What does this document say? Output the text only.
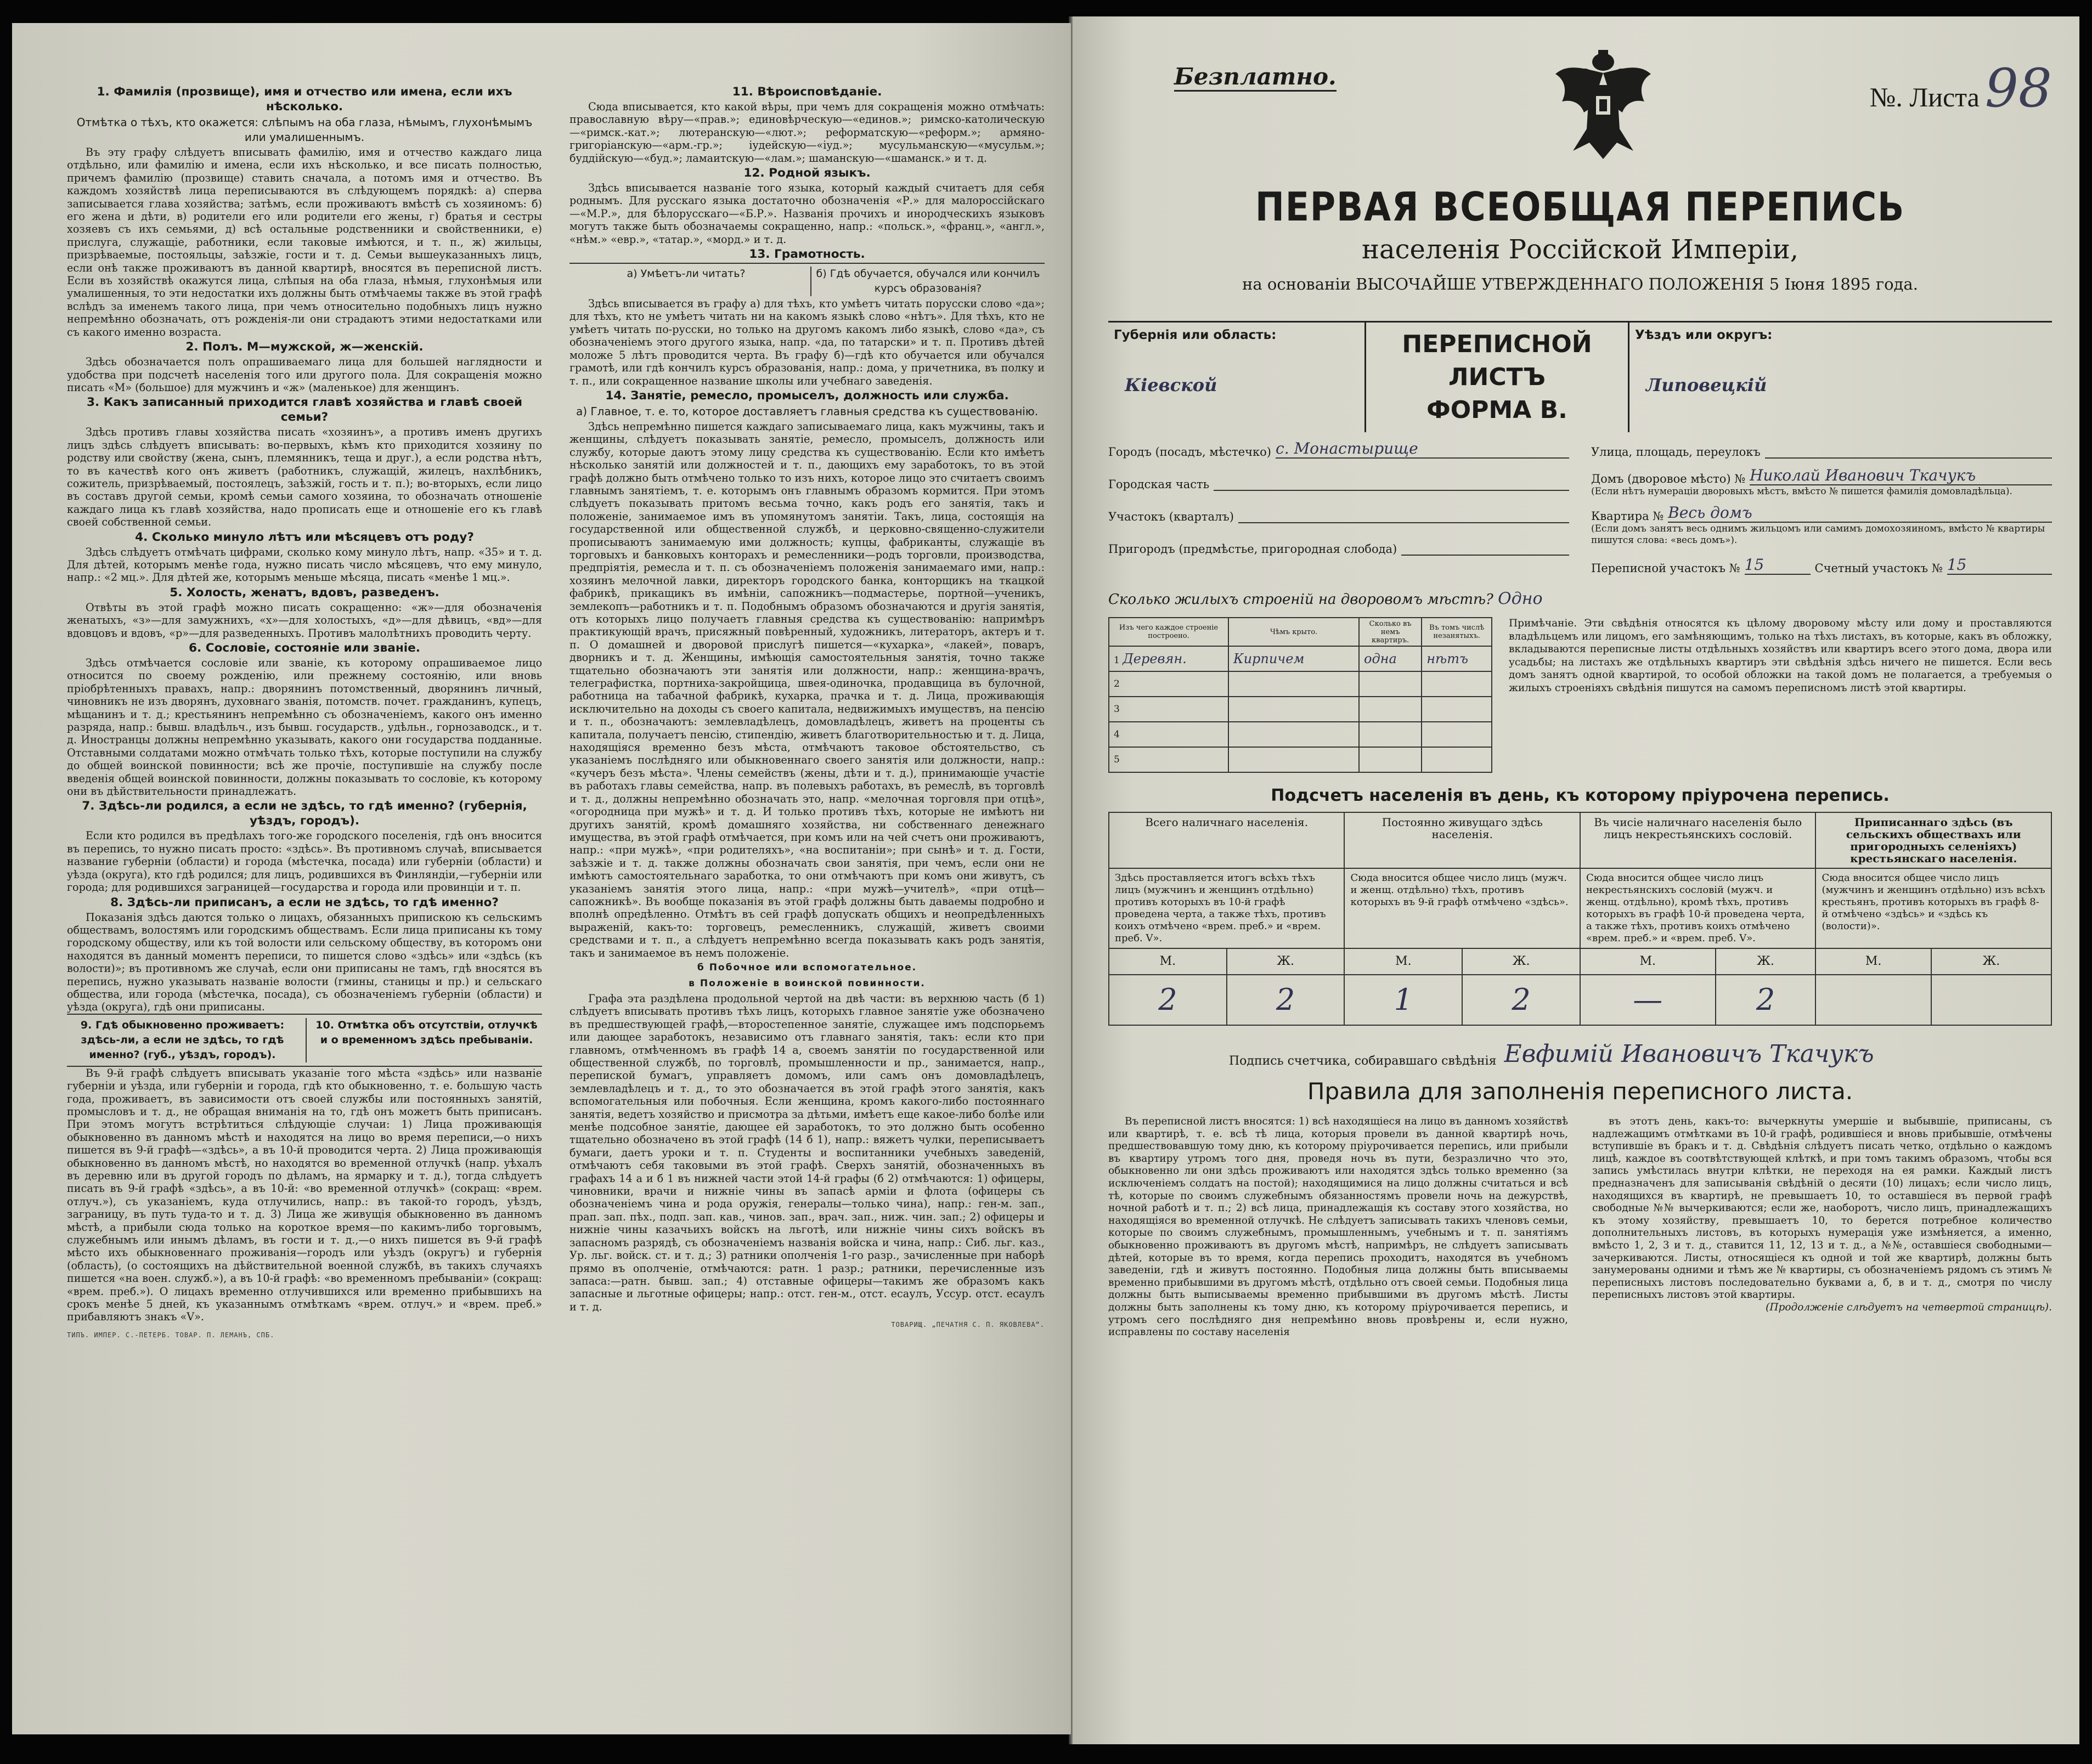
1. Фамилія (прозвище), имя и отчество или имена, если ихъ нѣсколько.
Отмѣтка о тѣхъ, кто окажется: слѣпымъ на оба глаза, нѣмымъ, глухонѣмымъ или умалишеннымъ.

Въ эту графу слѣдуетъ вписывать фамилію, имя и отчество каждаго лица отдѣльно, или фамилію и имена, если ихъ нѣсколько, и все писать полностью, причемъ фамилію (прозвище) ставить сначала, а потомъ имя и отчество. Въ каждомъ хозяйствѣ лица переписываются въ слѣдующемъ порядкѣ: а) сперва записывается глава хозяйства; затѣмъ, если проживаютъ вмѣстѣ съ хозяиномъ: б) его жена и дѣти, в) родители его или родители его жены, г) братья и сестры хозяевъ съ ихъ семьями, д) всѣ остальные родственники и свойственники, е) прислуга, служащіе, работники, если таковые имѣются, и т. п., ж) жильцы, призрѣваемые, постояльцы, заѣзжіе, гости и т. д. Семьи вышеуказанныхъ лицъ, если онѣ также проживаютъ въ данной квартирѣ, вносятся въ переписной листъ. Если въ хозяйствѣ окажутся лица, слѣпыя на оба глаза, нѣмыя, глухонѣмыя или умалишенныя, то эти недостатки ихъ должны быть отмѣчаемы также въ этой графѣ вслѣдъ за именемъ такого лица, при чемъ относительно подобныхъ лицъ нужно непремѣнно обозначать, отъ рожденія-ли они страдаютъ этими недостатками или съ какого именно возраста.

2. Полъ. М—мужской, ж—женскій.

Здѣсь обозначается полъ опрашиваемаго лица для большей наглядности и удобства при подсчетѣ населенія того или другого пола. Для сокращенія можно писать «М» (большое) для мужчинъ и «ж» (маленькое) для женщинъ.

3. Какъ записанный приходится главѣ хозяйства и главѣ своей семьи?

Здѣсь противъ главы хозяйства писать «хозяинъ», а противъ именъ другихъ лицъ здѣсь слѣдуетъ вписывать: во-первыхъ, кѣмъ кто приходится хозяину по родству или свойству (жена, сынъ, племянникъ, теща и друг.), а если родства нѣтъ, то въ качествѣ кого онъ живетъ (работникъ, служащій, жилецъ, нахлѣбникъ, сожитель, призрѣваемый, постоялецъ, заѣзжій, гость и т. п.); во-вторыхъ, если лицо въ составъ другой семьи, кромѣ семьи самого хозяина, то обозначать отношеніе каждаго лица къ главѣ хозяйства, надо прописать еще и отношеніе его къ главѣ своей собственной семьи.

4. Сколько минуло лѣтъ или мѣсяцевъ отъ роду?

Здѣсь слѣдуетъ отмѣчать цифрами, сколько кому минуло лѣтъ, напр. «35» и т. д. Для дѣтей, которымъ менѣе года, нужно писать число мѣсяцевъ, что ему минуло, напр.: «2 мц.». Для дѣтей же, которымъ меньше мѣсяца, писать «менѣе 1 мц.».

5. Холость, женатъ, вдовъ, разведенъ.

Отвѣты въ этой графѣ можно писать сокращенно: «ж»—для обозначенія женатыхъ, «з»—для замужнихъ, «х»—для холостыхъ, «д»—для дѣвицъ, «вд»—для вдовцовъ и вдовъ, «р»—для разведенныхъ. Противъ малолѣтнихъ проводить черту.

6. Сословіе, состояніе или званіе.

Здѣсь отмѣчается сословіе или званіе, къ которому опрашиваемое лицо относится по своему рожденію, или прежнему состоянію, или вновь пріобрѣтенныхъ правахъ, напр.: дворянинъ потомственный, дворянинъ личный, чиновникъ не изъ дворянъ, духовнаго званія, потомств. почет. гражданинъ, купецъ, мѣщанинъ и т. д.; крестьянинъ непремѣнно съ обозначеніемъ, какого онъ именно разряда, напр.: бывш. владѣльч., изъ бывш. государств., удѣльн., горнозаводск., и т. д. Иностранцы должны непремѣнно указывать, какого они государства подданные. Отставными солдатами можно отмѣчать только тѣхъ, которые поступили на службу до общей воинской повинности; всѣ же прочіе, поступившіе на службу после введенія общей воинской повинности, должны показывать то сословіе, къ которому они въ дѣйствительности принадлежатъ.

7. Здѣсь-ли родился, а если не здѣсь, то гдѣ именно? (губернія, уѣздъ, городъ).

Если кто родился въ предѣлахъ того-же городского поселенія, гдѣ онъ вносится въ перепись, то нужно писать просто: «здѣсь». Въ противномъ случаѣ, вписывается название губерніи (области) и города (мѣстечка, посада) или губерніи (области) и уѣзда (округа), кто гдѣ родился; для лицъ, родившихся въ Финляндіи,—губерніи или города; для родившихся заграницей—государства и города или провинціи и т. п.

8. Здѣсь-ли приписанъ, а если не здѣсь, то гдѣ именно?

Показанія здѣсь даются только о лицахъ, обязанныхъ припискою къ сельскимъ обществамъ, волостямъ или городскимъ обществамъ. Если лица приписаны къ тому городскому обществу, или къ той волости или сельскому обществу, въ которомъ они находятся въ данный моментъ переписи, то пишется слово «здѣсь» или «здѣсь (къ волости)»; въ противномъ же случаѣ, если они приписаны не тамъ, гдѣ вносятся въ перепись, нужно указывать названіе волости (гмины, станицы и пр.) и сельскаго общества, или города (мѣстечка, посада), съ обозначеніемъ губерніи (области) и уѣзда (округа), гдѣ они приписаны.

9. Гдѣ обыкновенно проживаетъ: здѣсь-ли, а если не здѣсь, то гдѣ именно? (губ., уѣздъ, городъ).
10. Отмѣтка объ отсутствіи, отлучкѣ и о временномъ здѣсь пребываніи.

Въ 9-й графѣ слѣдуетъ вписывать указаніе того мѣста «здѣсь» или названіе губерніи и уѣзда, или губерніи и города, гдѣ кто обыкновенно, т. е. большую часть года, проживаетъ, въ зависимости отъ своей службы или постоянныхъ занятій, промысловъ и т. д., не обращая вниманія на то, гдѣ онъ можетъ быть приписанъ. При этомъ могутъ встрѣтиться слѣдующіе случаи: 1) Лица проживающія обыкновенно въ данномъ мѣстѣ и находятся на лицо во время переписи,—о нихъ пишется въ 9-й графѣ—«здѣсь», а въ 10-й проводится черта. 2) Лица проживающія обыкновенно въ данномъ мѣстѣ, но находятся во временной отлучкѣ (напр. уѣхалъ въ деревню или въ другой городъ по дѣламъ, на ярмарку и т. д.), тогда слѣдуетъ писать въ 9-й графѣ «здѣсь», а въ 10-й: «во временной отлучкѣ» (сокращ: «врем. отлуч.»), съ указаніемъ, куда отлучились, напр.: въ такой-то городъ, уѣздъ, заграницу, въ путь туда-то и т. д. 3) Лица же живущія обыкновенно въ данномъ мѣстѣ, а прибыли сюда только на короткое время—по какимъ-либо торговымъ, служебнымъ или инымъ дѣламъ, въ гости и т. д.,—о нихъ пишется въ 9-й графѣ мѣсто ихъ обыкновеннаго проживанія—городъ или уѣздъ (округъ) и губернія (область), (о состоящихъ на дѣйствительной военной службѣ, въ такихъ случаяхъ пишется «на воен. служб.»), а въ 10-й графѣ: «во временномъ пребываніи» (сокращ: «врем. преб.»). О лицахъ временно отлучившихся или временно прибывшихъ на срокъ менѣе 5 дней, къ указаннымъ отмѣткамъ «врем. отлуч.» и «врем. преб.» прибавляютъ знакъ «V».

ТИПЪ. ИМПЕР. С.-ПЕТЕРБ. ТОВАР. П. ЛЕМАНЪ, СПБ.
11. Вѣроисповѣданіе.

Сюда вписывается, кто какой вѣры, при чемъ для сокращенія можно отмѣчать: православную вѣру—«прав.»; единовѣрческую—«единов.»; римско-католическую—«римск.-кат.»; лютеранскую—«лют.»; реформатскую—«реформ.»; армяно-григоріанскую—«арм.-гр.»; іудейскую—«іуд.»; мусульманскую—«мусульм.»; буддійскую—«буд.»; ламаитскую—«лам.»; шаманскую—«шаманск.» и т. д.

12. Родной языкъ.

Здѣсь вписывается названіе того языка, который каждый считаетъ для себя роднымъ. Для русскаго языка достаточно обозначенія «Р.» для малороссійскаго—«М.Р.», для бѣлорусскаго—«Б.Р.». Названія прочихъ и инородческихъ языковъ могутъ также быть обозначаемы сокращенно, напр.: «польск.», «франц.», «англ.», «нѣм.» «евр.», «татар.», «морд.» и т. д.

13. Грамотность.
а) Умѣетъ-ли читать?	б) Гдѣ обучается, обучался или кончилъ курсъ образованія?

Здѣсь вписывается въ графу а) для тѣхъ, кто умѣетъ читать порусски слово «да»; для тѣхъ, кто не умѣетъ читать ни на какомъ языкѣ слово «нѣтъ». Для тѣхъ, кто не умѣетъ читать по-русски, но только на другомъ какомъ либо языкѣ, слово «да», съ обозначеніемъ этого другого языка, напр. «да, по татарски» и т. п. Противъ дѣтей моложе 5 лѣтъ проводится черта. Въ графу б)—гдѣ кто обучается или обучался грамотѣ, или гдѣ кончилъ курсъ образованія, напр.: дома, у причетника, въ полку и т. п., или сокращенное название школы или учебнаго заведенія.

14. Занятіе, ремесло, промыселъ, должность или служба.
а) Главное, т. е. то, которое доставляетъ главныя средства къ существованію.

Здѣсь непремѣнно пишется каждаго записываемаго лица, какъ мужчины, такъ и женщины, слѣдуетъ показывать занятіе, ремесло, промыселъ, должность или службу, которые даютъ этому лицу средства къ существованію. Если кто имѣетъ нѣсколько занятій или должностей и т. п., дающихъ ему заработокъ, то въ этой графѣ должно быть отмѣчено только то изъ нихъ, которое лицо это считаетъ своимъ главнымъ занятіемъ, т. е. которымъ онъ главнымъ образомъ кормится. При этомъ слѣдуетъ показывать притомъ весьма точно, какъ родъ его занятія, такъ и положеніе, занимаемое имъ въ упомянутомъ занятіи. Такъ, лица, состоящія на государственной или общественной службѣ, и церковно-священно-служители прописываютъ занимаемую ими должность; купцы, фабриканты, служащіе въ торговыхъ и банковыхъ конторахъ и ремесленники—родъ торговли, производства, предпріятія, ремесла и т. п. съ обозначеніемъ положенія занимаемаго ими, напр.: хозяинъ мелочной лавки, директоръ городского банка, конторщикъ на ткацкой фабрикѣ, прикащикъ въ имѣніи, сапожникъ—подмастерье, портной—ученикъ, землекопъ—работникъ и т. п. Подобнымъ образомъ обозначаются и другія занятія, отъ которыхъ лицо получаетъ главныя средства къ существованію: напримѣръ практикующій врачъ, присяжный повѣренный, художникъ, литераторъ, актеръ и т. п. О домашней и дворовой прислугѣ пишется—«кухарка», «лакей», поваръ, дворникъ и т. д. Женщины, имѣющія самостоятельныя занятія, точно также тщательно обозначаютъ эти занятія или должности, напр.: женщина-врачъ, телеграфистка, портниха-закройщица, швея-одиночка, продавщица въ булочной, работница на табачной фабрикѣ, кухарка, прачка и т. д. Лица, проживающія исключительно на доходы съ своего капитала, недвижимыхъ имуществъ, на пенсію и т. п., обозначаютъ: землевладѣлецъ, домовладѣлецъ, живетъ на проценты съ капитала, получаетъ пенсію, стипендію, живетъ благотворительностью и т. д. Лица, находящіяся временно безъ мѣста, отмѣчаютъ таковое обстоятельство, съ указаніемъ послѣдняго или обыкновеннаго своего занятія или должности, напр.: «кучеръ безъ мѣста». Члены семействъ (жены, дѣти и т. д.), принимающіе участіе въ работахъ главы семейства, напр. въ полевыхъ работахъ, въ ремеслѣ, въ торговлѣ и т. д., должны непремѣнно обозначать это, напр. «мелочная торговля при отцѣ», «огородница при мужѣ» и т. д. И только противъ тѣхъ, которые не имѣютъ ни другихъ занятій, кромѣ домашняго хозяйства, ни собственнаго денежнаго имущества, въ этой графѣ отмѣчается, при комъ или на чей счетъ они проживаютъ, напр.: «при мужѣ», «при родителяхъ», «на воспитаніи»; при сынѣ» и т. д. Гости, заѣзжіе и т. д. также должны обозначать свои занятія, при чемъ, если они не имѣютъ самостоятельнаго заработка, то они отмѣчаютъ при комъ они живутъ, съ указаніемъ занятія этого лица, напр.: «при мужѣ—учителѣ», «при отцѣ—сапожникѣ». Въ вообще показанія въ этой графѣ должны быть даваемы подробно и вполнѣ опредѣленно. Отмѣтъ въ сей графѣ допускать общихъ и неопредѣленныхъ выраженій, какъ-то: торговецъ, ремесленникъ, служащій, живетъ своими средствами и т. п., а слѣдуетъ непремѣнно всегда показывать какъ родъ занятія, такъ и занимаемое въ немъ положеніе.

б Побочное или вспомогательное.
в Положеніе в воинской повинности.

Графа эта раздѣлена продольной чертой на двѣ части: въ верхнюю часть (б 1) слѣдуетъ вписывать противъ тѣхъ лицъ, которыхъ главное занятіе уже обозначено въ предшествующей графѣ,—второстепенное занятіе, служащее имъ подспорьемъ или дающее заработокъ, независимо отъ главнаго занятія, такъ: если кто при главномъ, отмѣченномъ въ графѣ 14 а, своемъ занятіи по государственной или общественной службѣ, по торговлѣ, промышленности и пр., занимается, напр., перепиской бумагъ, управляетъ домомъ, или самъ онъ домовладѣлецъ, землевладѣлецъ и т. д., то это обозначается въ этой графѣ этого занятія, какъ вспомогательныя или побочныя. Если женщина, кромъ какого-либо постояннаго занятія, ведетъ хозяйство и присмотра за дѣтьми, имѣетъ еще какое-либо болѣе или менѣе подсобное занятіе, дающее ей заработокъ, то это должно быть особенно тщательно обозначено въ этой графѣ (14 б 1), напр.: вяжетъ чулки, переписываетъ бумаги, даетъ уроки и т. п. Студенты и воспитанники учебныхъ заведеній, отмѣчаютъ себя таковыми въ этой графѣ. Сверхъ занятій, обозначенныхъ въ графахъ 14 а и б 1 въ нижней части этой 14-й графы (б 2) отмѣчаются: 1) офицеры, чиновники, врачи и нижніе чины въ запасѣ арміи и флота (офицеры съ обозначеніемъ чина и рода оружія, генералы—только чина), напр.: ген-м. зап., прап. зап. пѣх., подп. зап. кав., чинов. зап., врач. зап., ниж. чин. зап.; 2) офицеры и нижніе чины казачьихъ войскъ на льготѣ, или нижніе чины сихъ войскъ въ запасномъ разрядѣ, съ обозначеніемъ названія войска и чина, напр.: Сиб. льг. каз., Ур. льг. войск. ст. и т. д.; 3) ратники ополченія 1-го разр., зачисленные при наборѣ прямо въ ополченіе, отмѣчаются: ратн. 1 разр.; ратники, перечисленные изъ запаса:—ратн. бывш. зап.; 4) отставные офицеры—такимъ же образомъ какъ запасные и льготные офицеры; напр.: отст. ген-м., отст. есаулъ, Уссур. отст. есаулъ и т. д.

ТОВАРИЩ. „ПЕЧАТНЯ С. П. ЯКОВЛЕВА“.
Безплатно.
№. Листа 98
ПЕРВАЯ ВСЕОБЩАЯ ПЕРЕПИСЬ
населенія Россійской Имперіи,
на основаніи ВЫСОЧАЙШЕ УТВЕРЖДЕННАГО ПОЛОЖЕНІЯ 5 Іюня 1895 года.
Губернія или область:
Кіевской
ПЕРЕПИСНОЙ ЛИСТЪ
ФОРМА В.
Уѣздъ или округъ:
Липовецкій
Городъ (посадъ, мѣстечко) с. Монастырище
Городская часть
Участокъ (кварталъ)
Пригородъ (предмѣстье, пригородная слобода)
Улица, площадь, переулокъ
Домъ (дворовое мѣсто) № Николай Иванович Ткачукъ
(Если нѣтъ нумераціи дворовыхъ мѣстъ, вмѣсто № пишется фамилія домовладѣльца).
Квартира № Весь домъ
(Если домъ занятъ весь однимъ жильцомъ или самимъ домохозяиномъ, вмѣсто № квартиры пишутся слова: «весь домъ»).
Переписной участокъ № 15	Счетный участокъ № 15
Сколько жилыхъ строеній на дворовомъ мѣстѣ? Одно
Изъ чего каждое строеніе построено.	Чѣмъ крыто.	Сколько въ немъ квартиръ.	Въ томъ числѣ незанятыхъ.
1 Деревян.	Кирпичем	одна	нѣтъ
2			
3			
4			
5			
Примѣчаніе. Эти свѣдѣнія относятся къ цѣлому дворовому мѣсту или дому и проставляются владѣльцемъ или лицомъ, его замѣняющимъ, только на тѣхъ листахъ, въ которые, какъ въ обложку, вкладываются переписные листы отдѣльныхъ хозяйствъ или квартиръ всего этого дома, двора или усадьбы; на листахъ же отдѣльныхъ квартиръ эти свѣдѣнія здѣсь ничего не пишется. Если весь домъ занятъ одной квартирой, то особой обложки на такой домъ не полагается, а требуемыя о жилыхъ строеніяхъ свѣдѣнія пишутся на самомъ переписномъ листѣ этой квартиры.
Подсчетъ населенія въ день, къ которому пріурочена перепись.
Всего наличнаго населенія.		Постоянно живущаго здѣсь населенія.		Въ чисіе наличнаго населенія было лицъ некрестьянскихъ сословій.		Приписаннаго здѣсь (въ сельскихъ обществахъ или пригородныхъ селеніяхъ) крестьянскаго населенія.	
Здѣсь проставляется итогъ всѣхъ тѣхъ лицъ (мужчинъ и женщинъ отдѣльно) противъ которыхъ въ 10-й графѣ проведена черта, а также тѣхъ, противъ коихъ отмѣчено «врем. преб.» и «врем. преб. V».		Сюда вносится общее число лицъ (мужч. и женщ. отдѣльно) тѣхъ, противъ которыхъ въ 9-й графѣ отмѣчено «здѣсь».		Сюда вносится общее число лицъ некрестьянскихъ сословій (мужч. и женщ. отдѣльно), кромѣ тѣхъ, противъ которыхъ въ графѣ 10-й проведена черта, а также тѣхъ, противъ коихъ отмѣчено «врем. преб.» и «врем. преб. V».		Сюда вносится общее число лицъ (мужчинъ и женщинъ отдѣльно) изъ всѣхъ крестьянъ, противъ которыхъ въ графѣ 8-й отмѣчено «здѣсь» и «здѣсь къ (волости)».	
М.	Ж.	М.	Ж.	М.	Ж.	М.	Ж.
2	2	1	2	—	2		
Подпись счетчика, собиравшаго свѣдѣнія Евфимій Ивановичъ Ткачукъ
Правила для заполненія переписного листа.

Въ переписной листъ вносятся: 1) всѣ находящіеся на лицо въ данномъ хозяйствѣ или квартирѣ, т. е. всѣ тѣ лица, которыя провели въ данной квартирѣ ночь, предшествовавшую тому дню, къ которому пріурочивается перепись, или прибыли въ квартиру утромъ того дня, проведя ночь въ пути, безразлично что это, обыкновенно ли они здѣсь проживаютъ или находятся здѣсь только временно (за исключеніемъ солдатъ на постой); находящимися на лицо должны считаться и всѣ тѣ, которые по своимъ служебнымъ обязанностямъ провели ночь на дежурствѣ, ночной работѣ и т. п.; 2) всѣ лица, принадлежащія къ составу этого хозяйства, но находящіяся во временной отлучкѣ. Не слѣдуетъ записывать такихъ членовъ семьи, которые по своимъ служебнымъ, промышленнымъ, учебнымъ и т. п. занятіямъ обыкновенно проживаютъ въ другомъ мѣстѣ, напримѣръ, не слѣдуетъ записывать дѣтей, которые въ то время, когда перепись проходитъ, находятся въ учебномъ заведеніи, гдѣ и живутъ постоянно. Подобныя лица должны быть вписываемы временно прибывшими въ другомъ мѣстѣ, отдѣльно отъ своей семьи. Подобныя лица должны быть выписываемы временно прибывшими въ другомъ мѣстѣ. Листы должны быть заполнены къ тому дню, къ которому пріурочивается перепись, и утромъ сего послѣдняго дня непремѣнно вновь провѣрены и, если нужно, исправлены по составу населенія

въ этотъ день, какъ-то: вычеркнуты умершіе и выбывшіе, приписаны, съ надлежащимъ отмѣтками въ 10-й графѣ, родившіеся и вновь прибывшіе, отмѣчены вступившіе въ бракъ и т. д. Свѣдѣнія слѣдуетъ писать четко, отдѣльно о каждомъ лицѣ, каждое въ соотвѣтствующей клѣткѣ, и при томъ такимъ образомъ, чтобы вся запись умѣстилась внутри клѣтки, не переходя на ея рамки. Каждый листъ предназначенъ для записыванія свѣдѣній о десяти (10) лицахъ; если число лицъ, находящихся въ квартирѣ, не превышаетъ 10, то оставшіеся въ первой графѣ свободные №№ вычеркиваются; если же, наоборотъ, число лицъ, принадлежащихъ къ этому хозяйству, превышаетъ 10, то берется потребное количество дополнительныхъ листовъ, въ которыхъ нумерація уже измѣняется, а именно, вмѣсто 1, 2, 3 и т. д., ставится 11, 12, 13 и т. д., а №№, оставшіеся свободными—зачеркиваются. Листы, относящіеся къ одной и той же квартирѣ, должны быть занумерованы одними и тѣмъ же № квартиры, съ обозначеніемъ рядомъ съ этимъ № переписныхъ листовъ последовательно буквами а, б, в и т. д., смотря по числу переписныхъ листовъ этой квартиры.

(Продолженіе слѣдуетъ на четвертой страницѣ).
